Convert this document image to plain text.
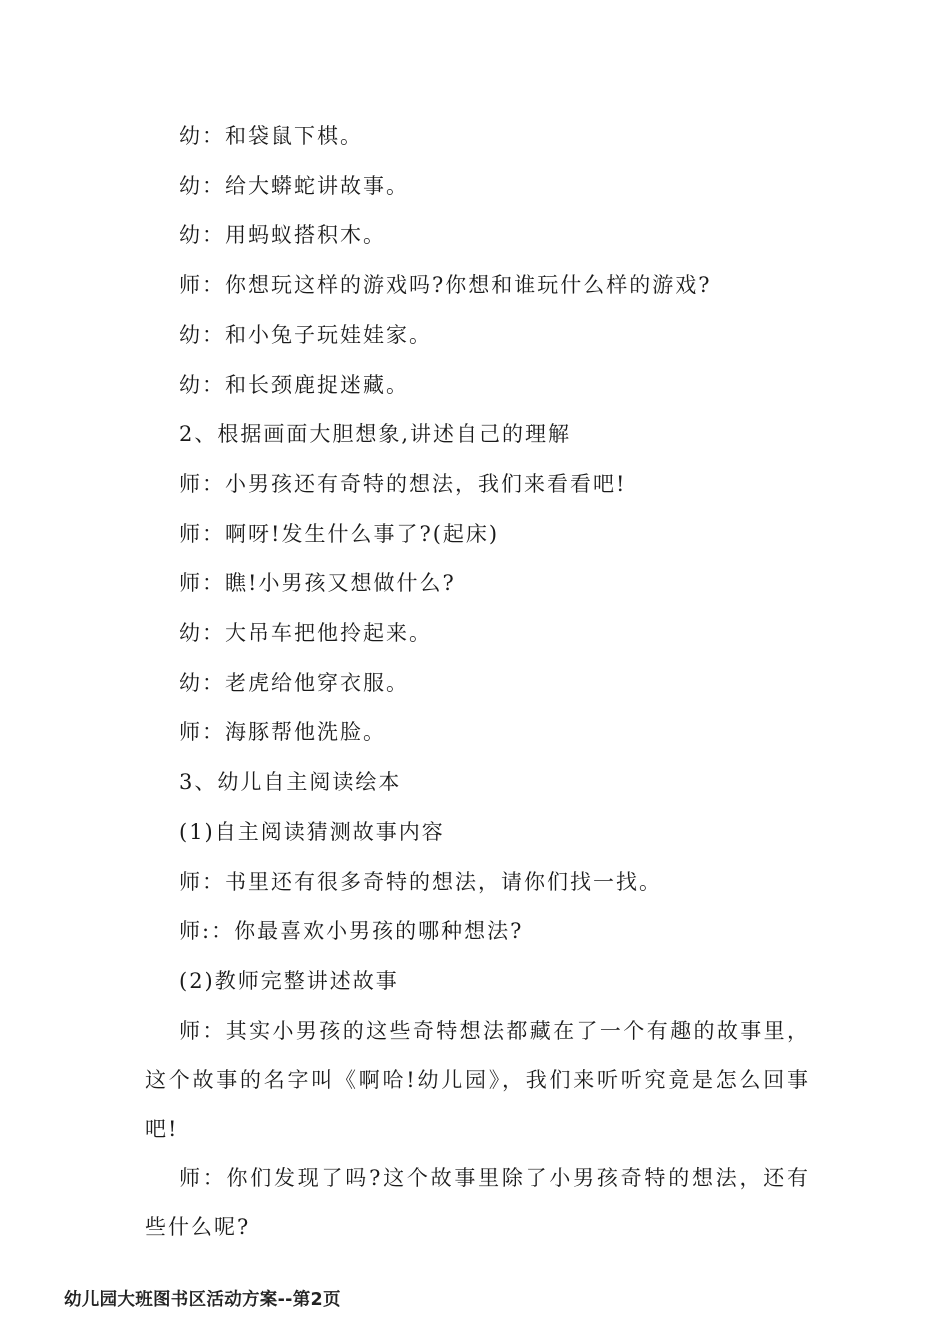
幼：和袋鼠下棋。

幼：给大蟒蛇讲故事。

幼：用蚂蚁搭积木。

师：你想玩这样的游戏吗?你想和谁玩什么样的游戏?

幼：和小兔子玩娃娃家。

幼：和长颈鹿捉迷藏。

2、根据画面大胆想象,讲述自己的理解

师：小男孩还有奇特的想法，我们来看看吧!

师：啊呀!发生什么事了?(起床)

师：瞧!小男孩又想做什么?

幼：大吊车把他拎起来。

幼：老虎给他穿衣服。

师：海豚帮他洗脸。

3、幼儿自主阅读绘本

(1)自主阅读猜测故事内容

师：书里还有很多奇特的想法，请你们找一找。

师:：你最喜欢小男孩的哪种想法?

(2)教师完整讲述故事

师：其实小男孩的这些奇特想法都藏在了一个有趣的故事里，这个故事的名字叫《啊哈!幼儿园》，我们来听听究竟是怎么回事吧!

师：你们发现了吗?这个故事里除了小男孩奇特的想法，还有些什么呢?

幼儿园大班图书区活动方案--第2页
